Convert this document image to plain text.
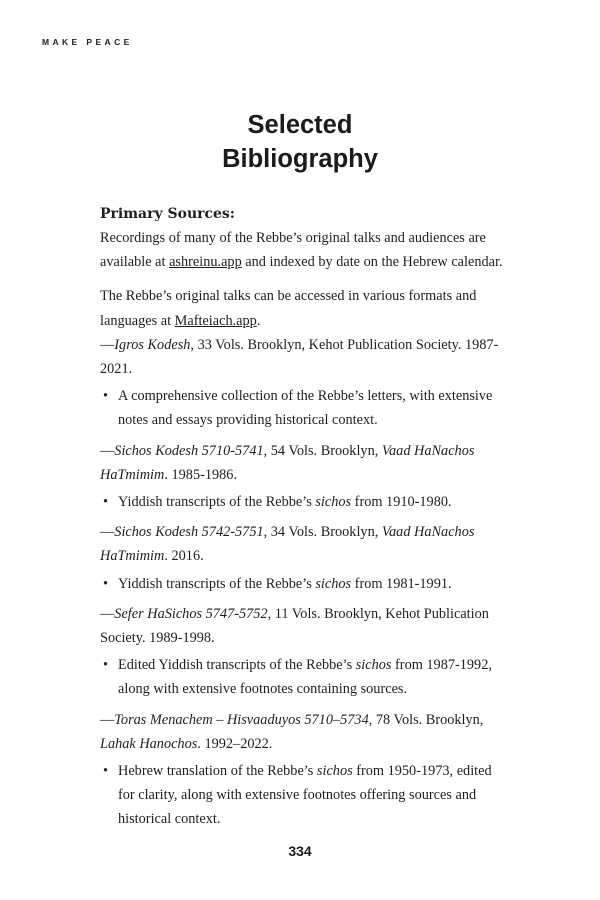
MAKE PEACE
Selected
Bibliography
Primary Sources:

Recordings of many of the Rebbe’s original talks and audiences are available at ashreinu.app and indexed by date on the Hebrew calendar.

The Rebbe’s original talks can be accessed in various formats and languages at Mafteiach.app.

—Igros Kodesh, 33 Vols. Brooklyn, Kehot Publication Society. 1987-2021.
• A comprehensive collection of the Rebbe’s letters, with extensive notes and essays providing historical context.
—Sichos Kodesh 5710-5741, 54 Vols. Brooklyn, Vaad HaNachos HaTmimim. 1985-1986.
• Yiddish transcripts of the Rebbe’s sichos from 1910-1980.
—Sichos Kodesh 5742-5751, 34 Vols. Brooklyn, Vaad HaNachos HaTmimim. 2016.
• Yiddish transcripts of the Rebbe’s sichos from 1981-1991.
—Sefer HaSichos 5747-5752, 11 Vols. Brooklyn, Kehot Publication Society. 1989-1998.
• Edited Yiddish transcripts of the Rebbe’s sichos from 1987-1992, along with extensive footnotes containing sources.
—Toras Menachem – Hisvaaduyos 5710–5734, 78 Vols. Brooklyn, Lahak Hanochos. 1992–2022.
• Hebrew translation of the Rebbe’s sichos from 1950-1973, edited for clarity, along with extensive footnotes offering sources and historical context.
334
